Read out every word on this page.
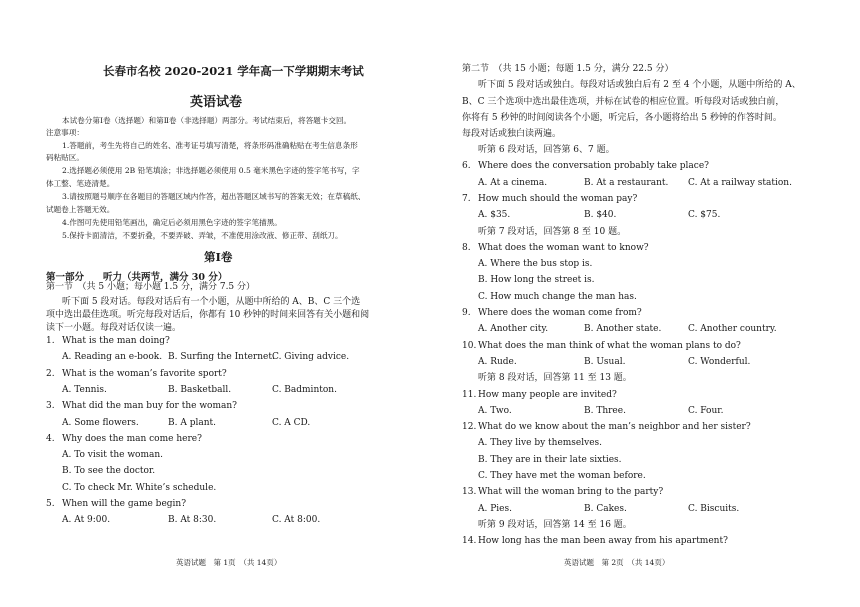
长春市名校 2020-2021 学年高一下学期期末考试
英语试卷
本试卷分第Ⅰ卷（选择题）和第Ⅱ卷（非选择题）两部分。考试结束后，将答题卡交回。
注意事项：
1.答题前，考生先将自己的姓名、准考证号填写清楚，将条形码准确粘贴在考生信息条形
码粘贴区。
2.选择题必须使用 2B 铅笔填涂；非选择题必须使用 0.5 毫米黑色字迹的签字笔书写，字
体工整、笔迹清楚。
3.请按照题号顺序在各题目的答题区域内作答，超出答题区域书写的答案无效；在草稿纸、
试题卷上答题无效。
4.作图可先使用铅笔画出，确定后必须用黑色字迹的签字笔描黑。
5.保持卡面清洁，不要折叠，不要弄破、弄皱，不准使用涂改液、修正带、刮纸刀。
第Ⅰ卷
第一部分　　听力（共两节，满分 30 分）
第一节　（共 5 小题；每小题 1.5 分，满分 7.5 分）
听下面 5 段对话。每段对话后有一个小题，从题中所给的 A、B、C 三个选
项中选出最佳选项。听完每段对话后，你都有 10 秒钟的时间来回答有关小题和阅
读下一小题。每段对话仅读一遍。
1. What is the man doing?
A. Reading an e-book. B. Surfing the Internet.
C. Giving advice.
2. What is the woman’s favorite sport?
A. Tennis.	B. Basketball.	C. Badminton.
3. What did the man buy for the woman?
A. Some flowers.	B. A plant.	C. A CD.
4. Why does the man come here?
A. To visit the woman.
B. To see the doctor.
C. To check Mr. White’s schedule.
5. When will the game begin?
A. At 9:00.	B. At 8:30.	C. At 8:00.
英语试题　第 1页　（共 14页）
第二节　（共 15 小题；每题 1.5 分，满分 22.5 分）
听下面 5 段对话或独白。每段对话或独白后有 2 至 4 个小题，从题中所给的 A、
B、C 三个选项中选出最佳选项，并标在试卷的相应位置。听每段对话或独白前，
你将有 5 秒钟的时间阅读各个小题，听完后，各小题将给出 5 秒钟的作答时间。
每段对话或独白读两遍。
听第 6 段对话，回答第 6、7 题。
6. Where does the conversation probably take place?
A. At a cinema.	B. At a restaurant. C. At a railway station.
7. How much should the woman pay?
A. $35.	B. $40.	C. $75.
听第 7 段对话，回答第 8 至 10 题。
8. What does the woman want to know?
A. Where the bus stop is.
B. How long the street is.
C. How much change the man has.
9. Where does the woman come from?
A. Another city.	B. Another state.	C. Another country.
10. What does the man think of what the woman plans to do?
A. Rude.	B. Usual.	C. Wonderful.
听第 8 段对话，回答第 11 至 13 题。
11. How many people are invited?
A. Two.	B. Three.	C. Four.
12. What do we know about the man’s neighbor and her sister?
A. They live by themselves.
B. They are in their late sixties.
C. They have met the woman before.
13. What will the woman bring to the party?
A. Pies.	B. Cakes.	C. Biscuits.
听第 9 段对话，回答第 14 至 16 题。
14. How long has the man been away from his apartment?
英语试题　第 2页　（共 14页）
